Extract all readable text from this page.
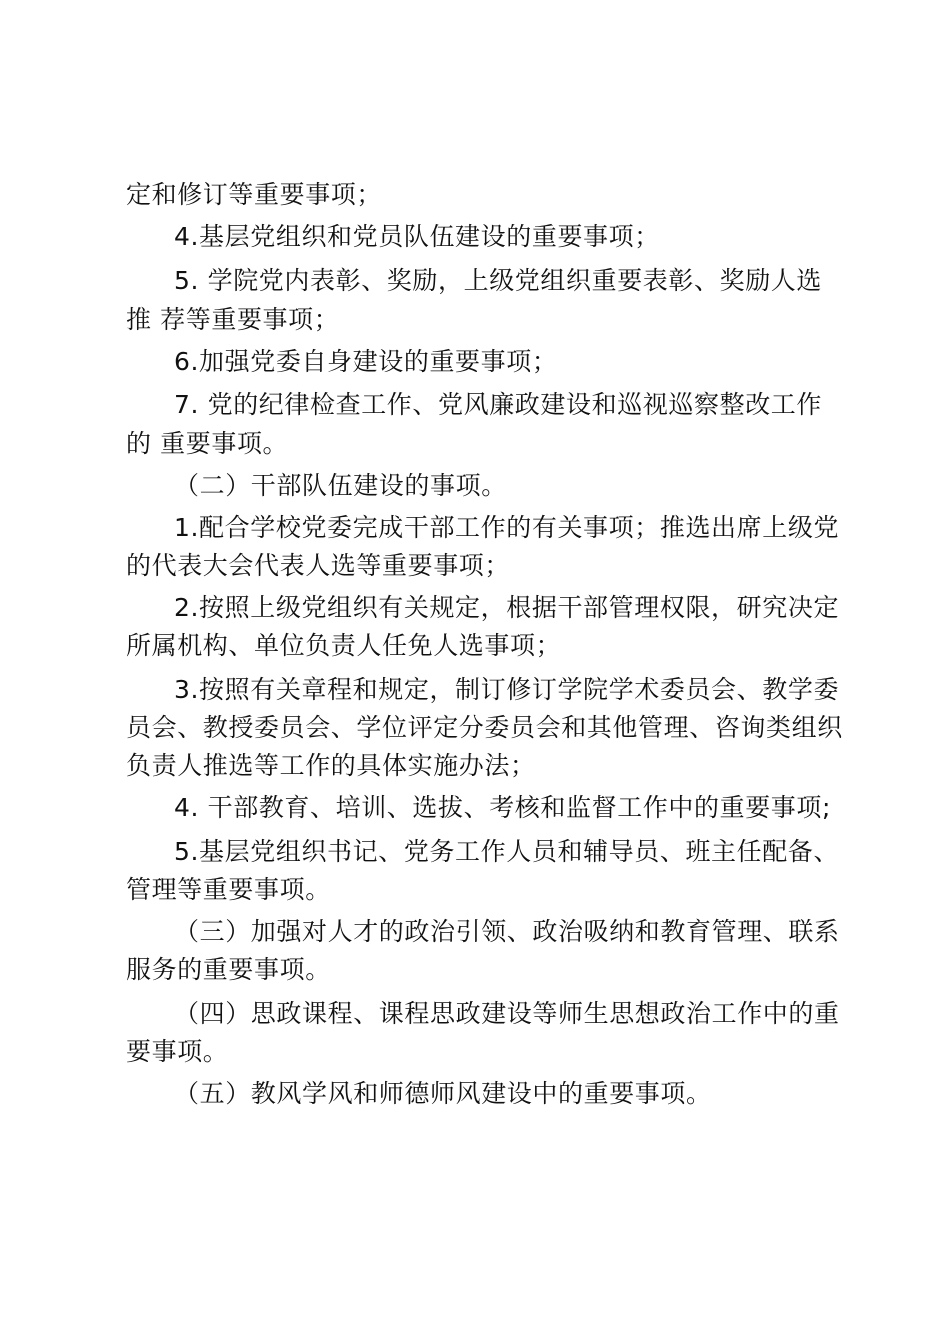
定和修订等重要事项；

4.基层党组织和党员队伍建设的重要事项；

5. 学院党内表彰、奖励，上级党组织重要表彰、奖励人选

推 荐等重要事项；

6.加强党委自身建设的重要事项；

7. 党的纪律检查工作、党风廉政建设和巡视巡察整改工作

的 重要事项。

（二）干部队伍建设的事项。

1.配合学校党委完成干部工作的有关事项；推选出席上级党

的代表大会代表人选等重要事项；

2.按照上级党组织有关规定，根据干部管理权限，研究决定

所属机构、单位负责人任免人选事项；

3.按照有关章程和规定，制订修订学院学术委员会、教学委

员会、教授委员会、学位评定分委员会和其他管理、咨询类组织

负责人推选等工作的具体实施办法；

4. 干部教育、培训、选拔、考核和监督工作中的重要事项;

5.基层党组织书记、党务工作人员和辅导员、班主任配备、

管理等重要事项。

（三）加强对人才的政治引领、政治吸纳和教育管理、联系

服务的重要事项。

（四）思政课程、课程思政建设等师生思想政治工作中的重

要事项。

（五）教风学风和师德师风建设中的重要事项。
